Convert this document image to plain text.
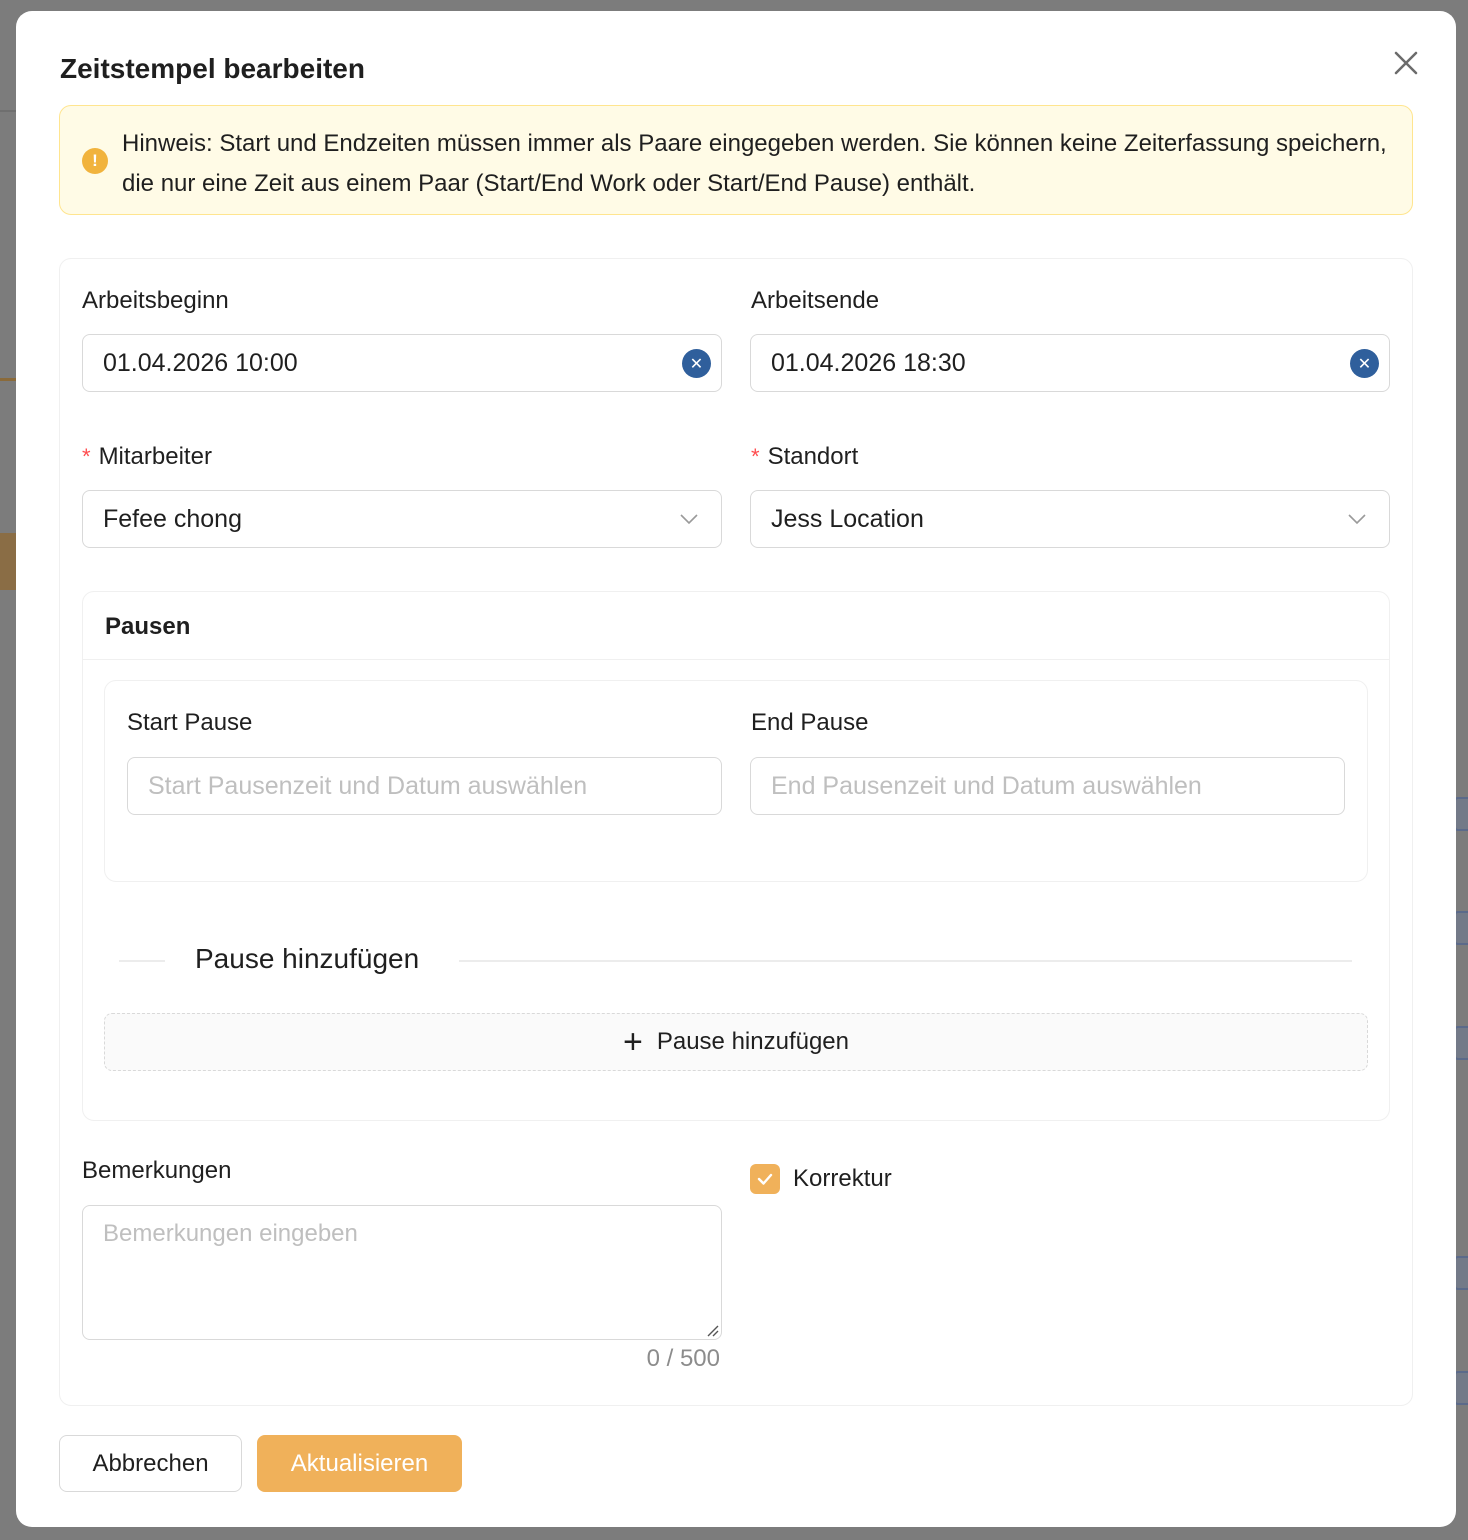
Zeitstempel bearbeiten
!
Hinweis: Start und Endzeiten müssen immer als Paare eingegeben werden. Sie können keine Zeiterfassung speichern, die nur eine Zeit aus einem Paar (Start/End Work oder Start/End Pause) enthält.
Arbeitsbeginn
01.04.2026 10:00	✕
Arbeitsende
01.04.2026 18:30	✕
* Mitarbeiter
Fefee chong
* Standort
Jess Location
Pausen
Start Pause
Start Pausenzeit und Datum auswählen
End Pause
End Pausenzeit und Datum auswählen
Pause hinzufügen
+ Pause hinzufügen
Bemerkungen
Bemerkungen eingeben
0 / 500
Korrektur
Abbrechen	Aktualisieren
